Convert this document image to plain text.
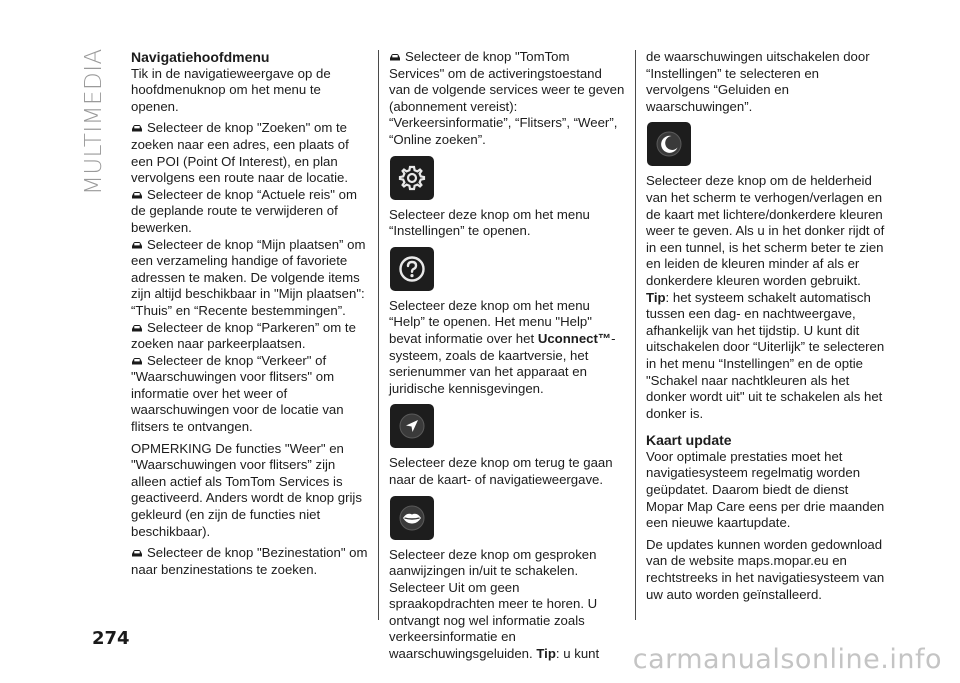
MULTIMEDIA	Navigatiehoofdmenu

Tik in de navigatieweergave op de hoofdmenuknop om het menu te openen.

Selecteer de knop "Zoeken" om te zoeken naar een adres, een plaats of een POI (Point Of Interest), en plan vervolgens een route naar de locatie.

Selecteer de knop “Actuele reis" om de geplande route te verwijderen of bewerken.

Selecteer de knop “Mijn plaatsen” om een verzameling handige of favoriete adressen te maken. De volgende items zijn altijd beschikbaar in "Mijn plaatsen": “Thuis” en “Recente bestemmingen”.

Selecteer de knop “Parkeren” om te zoeken naar parkeerplaatsen.

Selecteer de knop “Verkeer" of "Waarschuwingen voor flitsers" om informatie over het weer of waarschuwingen voor de locatie van flitsers te ontvangen.

OPMERKING De functies "Weer" en "Waarschuwingen voor flitsers” zijn alleen actief als TomTom Services is geactiveerd. Anders wordt de knop grijs gekleurd (en zijn de functies niet beschikbaar).

Selecteer de knop "Bezinestation" om naar benzinestations te zoeken.

Selecteer de knop "TomTom Services" om de activeringstoestand van de volgende services weer te geven (abonnement vereist): “Verkeersinformatie”, “Flitsers”, “Weer”, “Online zoeken”.

Selecteer deze knop om het menu “Instellingen” te openen.

Selecteer deze knop om het menu “Help” te openen. Het menu "Help" bevat informatie over het Uconnect™-systeem, zoals de kaartversie, het serienummer van het apparaat en juridische kennisgevingen.

Selecteer deze knop om terug te gaan naar de kaart- of navigatieweergave.

Selecteer deze knop om gesproken aanwijzingen in/uit te schakelen. Selecteer Uit om geen spraakopdrachten meer te horen. U ontvangt nog wel informatie zoals verkeersinformatie en waarschuwingsgeluiden. Tip: u kunt

de waarschuwingen uitschakelen door “Instellingen” te selecteren en vervolgens “Geluiden en waarschuwingen”.

Selecteer deze knop om de helderheid van het scherm te verhogen/verlagen en de kaart met lichtere/donkerdere kleuren weer te geven. Als u in het donker rijdt of in een tunnel, is het scherm beter te zien en leiden de kleuren minder af als er donkerdere kleuren worden gebruikt. Tip: het systeem schakelt automatisch tussen een dag- en nachtweergave, afhankelijk van het tijdstip. U kunt dit uitschakelen door “Uiterlijk” te selecteren in het menu “Instellingen” en de optie "Schakel naar nachtkleuren als het donker wordt uit" uit te schakelen als het donker is.

Kaart update

Voor optimale prestaties moet het navigatiesysteem regelmatig worden geüpdatet. Daarom biedt de dienst Mopar Map Care eens per drie maanden een nieuwe kaartupdate.

De updates kunnen worden gedownload van de website maps.mopar.eu en rechtstreeks in het navigatiesysteem van uw auto worden geïnstalleerd.

274
carmanualsonline.info
